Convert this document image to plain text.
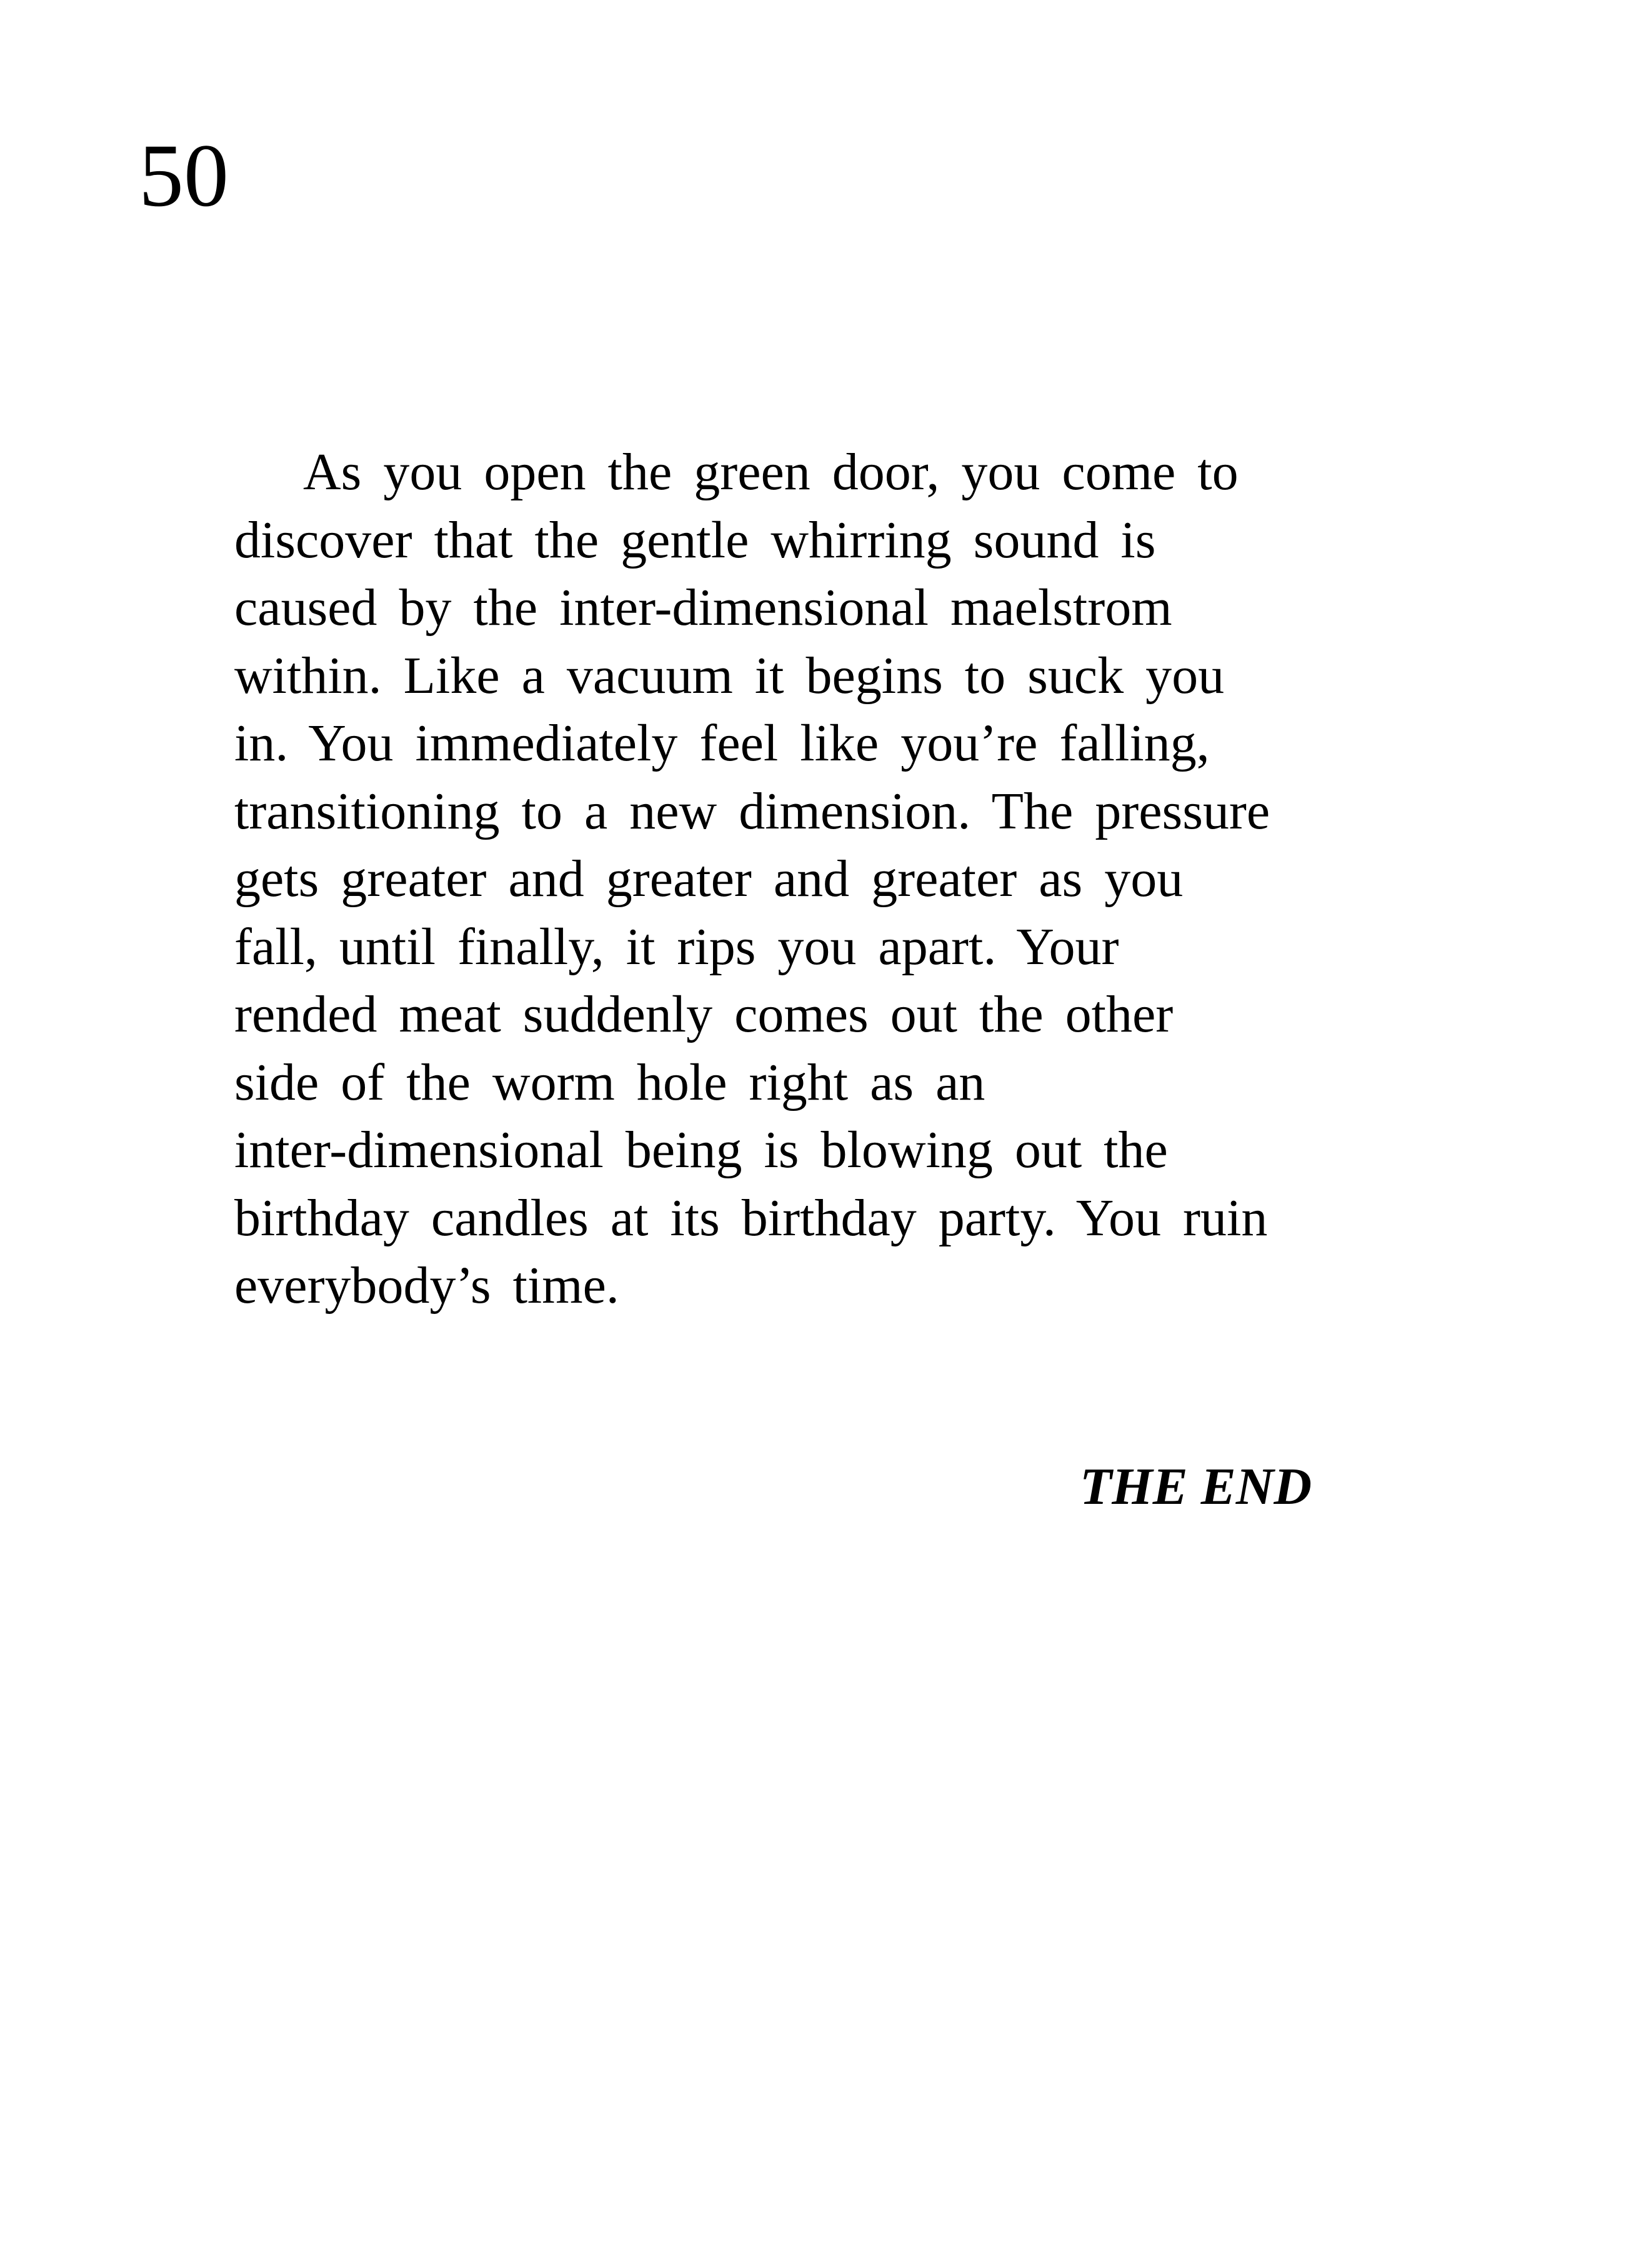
50
As you open the green door, you come to
discover that the gentle whirring sound is
caused by the inter-dimensional maelstrom
within. Like a vacuum it begins to suck you
in. You immediately feel like you’re falling,
transitioning to a new dimension. The pressure
gets greater and greater and greater as you
fall, until finally, it rips you apart. Your
rended meat suddenly comes out the other
side of the worm hole right as an
inter-dimensional being is blowing out the
birthday candles at its birthday party. You ruin
everybody’s time.

THE END
